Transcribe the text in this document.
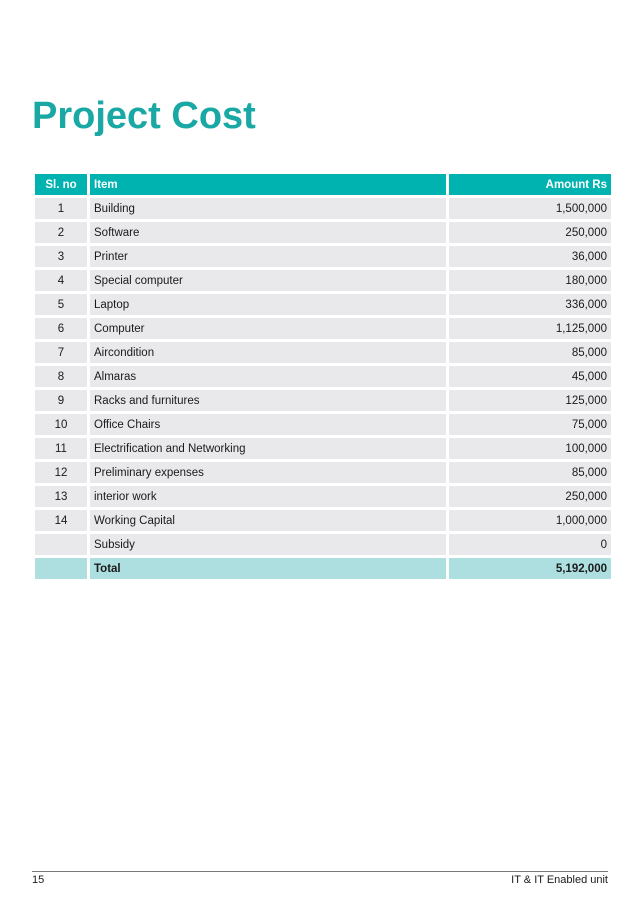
Project Cost
Sl. no	Item	Amount Rs
1	Building	1,500,000
2	Software	250,000
3	Printer	36,000
4	Special computer	180,000
5	Laptop	336,000
6	Computer	1,125,000
7	Aircondition	85,000
8	Almaras	45,000
9	Racks and furnitures	125,000
10	Office Chairs	75,000
11	Electrification and Networking	100,000
12	Preliminary expenses	85,000
13	interior work	250,000
14	Working Capital	1,000,000
	Subsidy	0
	Total	5,192,000
15	IT & IT Enabled unit
